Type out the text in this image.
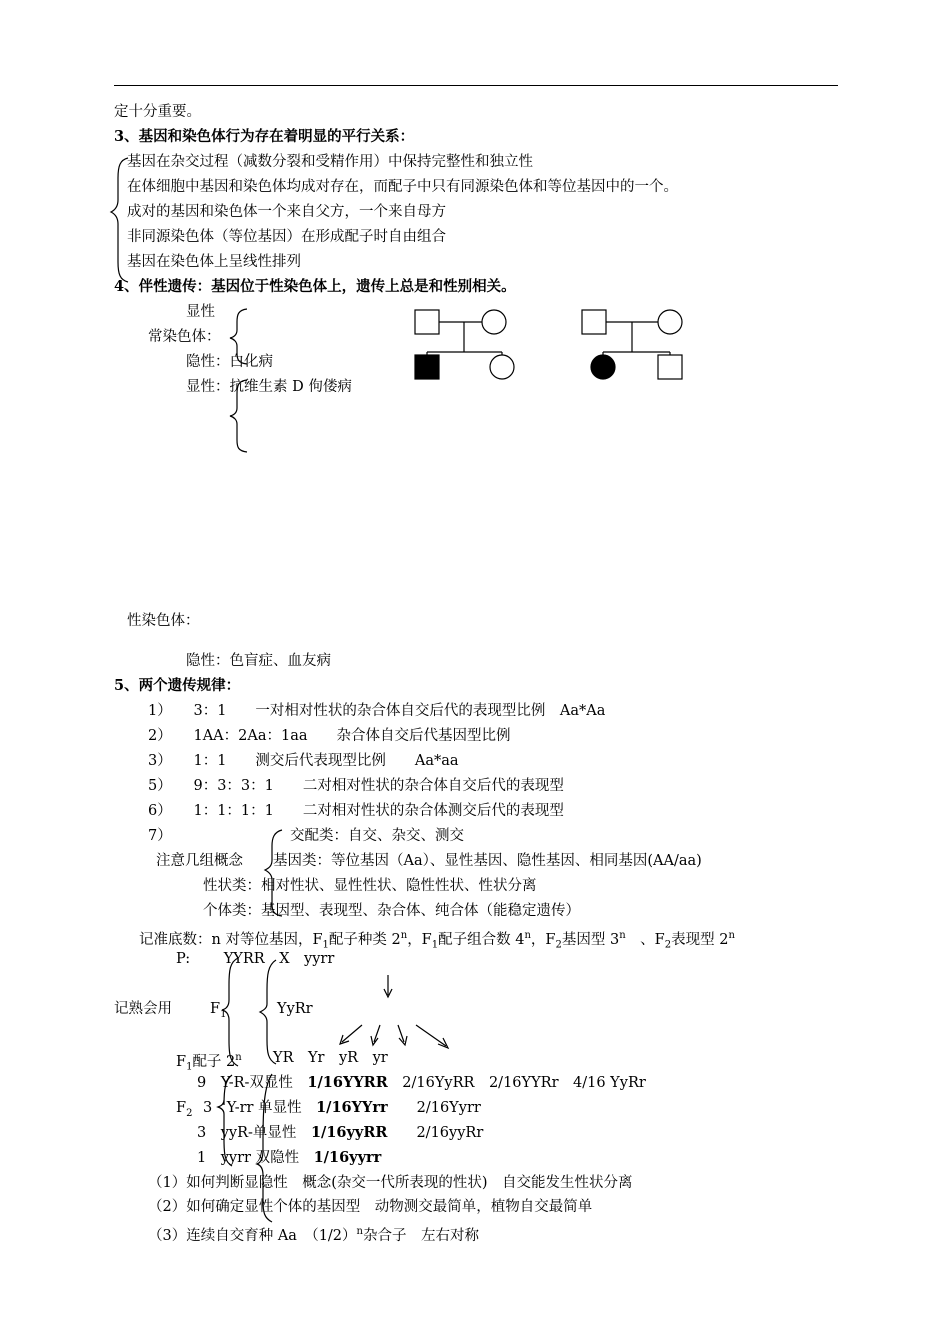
定十分重要。
3、基因和染色体行为存在着明显的平行关系：
基因在杂交过程（减数分裂和受精作用）中保持完整性和独立性
在体细胞中基因和染色体均成对存在，而配子中只有同源染色体和等位基因中的一个。
成对的基因和染色体一个来自父方，一个来自母方
非同源染色体（等位基因）在形成配子时自由组合
基因在染色体上呈线性排列
4、伴性遗传：基因位于性染色体上，遗传上总是和性别相关。
显性
常染色体：
隐性：白化病
显性：抗维生素 D 佝偻病
性染色体：
隐性：色盲症、血友病
5、两个遗传规律：
1）　　3：1　　一对相对性状的杂合体自交后代的表现型比例　Aa*Aa
2）　　1AA：2Aa：1aa　　杂合体自交后代基因型比例
3）　　1：1　　测交后代表现型比例　　Aa*aa
5）　　9：3：3：1　　二对相对性状的杂合体自交后代的表现型
6）　　1：1：1：1　　二对相对性状的杂合体测交后代的表现型
7）	交配类：自交、杂交、测交
注意几组概念 基因类：等位基因（Aa）、显性基因、隐性基因、相同基因(AA/aa)
性状类：相对性状、显性性状、隐性性状、性状分离
个体类：基因型、表现型、杂合体、纯合体（能稳定遗传）
记准底数：n 对等位基因，$F_1$配子种类 2$^n$，$F_1$配子组合数 4$^n$，$F_2$基因型 3$^n$　、$F_2$表现型 2$^n$
P:　　 YYRR　X　yyrr
记熟会用	$F_1$	YyRr
$F_1$配子 2$^n$ YR　Yr　yR　yr
9　Y-R-双显性　1/16YYRR　2/16YyRR　2/16YYRr　4/16 YyRr
$F_2$ 3　Y-rr 单显性　1/16YYrr　　2/16Yyrr
3　yyR-单显性　1/16yyRR　　2/16yyRr
1　yyrr 双隐性　1/16yyrr
（1）如何判断显隐性　概念(杂交一代所表现的性状)　自交能发生性状分离
（2）如何确定显性个体的基因型　动物测交最简单，植物自交最简单
（3）连续自交育种 Aa　$(1/2)^n$杂合子　左右对称
